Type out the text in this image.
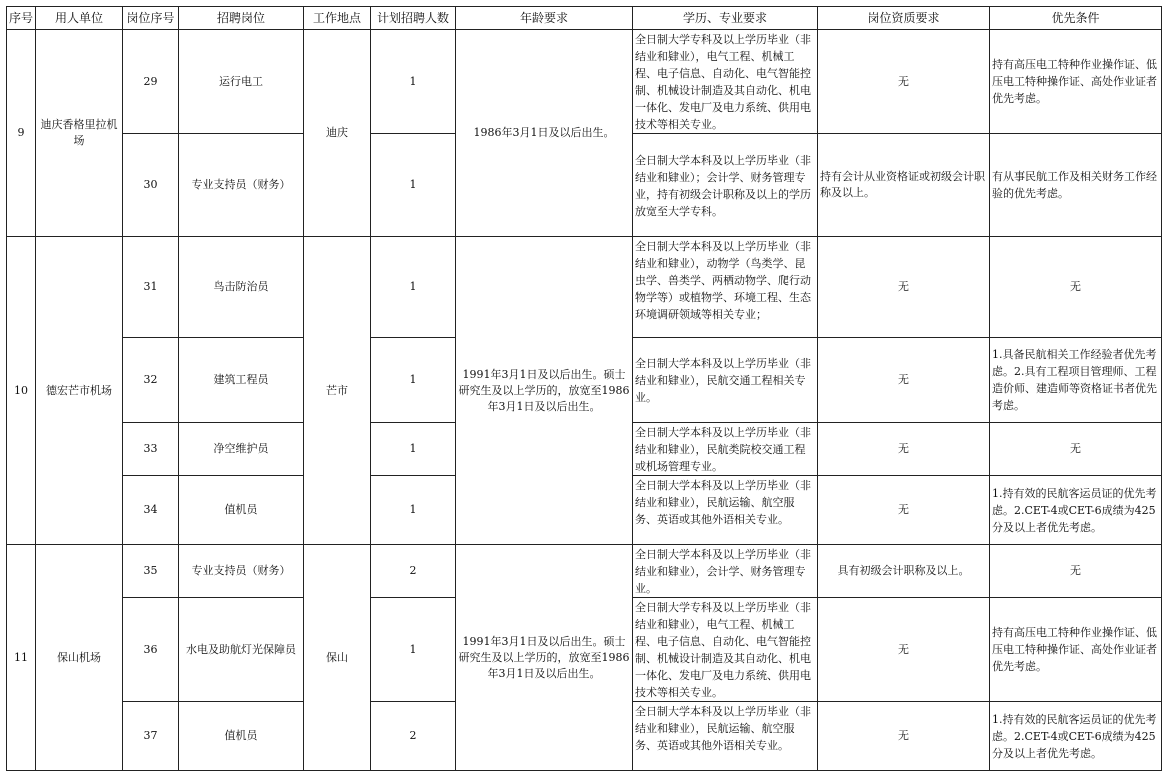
序号	用人单位	岗位序号	招聘岗位	工作地点	计划招聘人数	年龄要求	学历、专业要求	岗位资质要求	优先条件
9	迪庆香格里拉机场	29	运行电工	迪庆	1	1986年3月1日及以后出生。	全日制大学专科及以上学历毕业（非结业和肄业），电气工程、机械工程、电子信息、自动化、电气智能控制、机械设计制造及其自动化、机电一体化、发电厂及电力系统、供用电技术等相关专业。	无	持有高压电工特种作业操作证、低压电工特种操作证、高处作业证者优先考虑。
		30	专业支持员（财务）		1		全日制大学本科及以上学历毕业（非结业和肄业）；会计学、财务管理专业，持有初级会计职称及以上的学历放宽至大学专科。	持有会计从业资格证或初级会计职称及以上。	有从事民航工作及相关财务工作经验的优先考虑。
10	德宏芒市机场	31	鸟击防治员	芒市	1	1991年3月1日及以后出生。硕士研究生及以上学历的，放宽至1986年3月1日及以后出生。	全日制大学本科及以上学历毕业（非结业和肄业），动物学（鸟类学、昆虫学、兽类学、两栖动物学、爬行动物学等）或植物学、环境工程、生态环境调研领域等相关专业；	无	无
		32	建筑工程员		1		全日制大学本科及以上学历毕业（非结业和肄业），民航交通工程相关专业。	无	1.具备民航相关工作经验者优先考虑。2.具有工程项目管理师、工程造价师、建造师等资格证书者优先考虑。
		33	净空维护员		1		全日制大学本科及以上学历毕业（非结业和肄业），民航类院校交通工程或机场管理专业。	无	无
		34	值机员		1		全日制大学本科及以上学历毕业（非结业和肄业），民航运输、航空服务、英语或其他外语相关专业。	无	1.持有效的民航客运员证的优先考虑。2.CET-4或CET-6成绩为425分及以上者优先考虑。
11	保山机场	35	专业支持员（财务）	保山	2	1991年3月1日及以后出生。硕士研究生及以上学历的，放宽至1986年3月1日及以后出生。	全日制大学本科及以上学历毕业（非结业和肄业），会计学、财务管理专业。	具有初级会计职称及以上。	无
		36	水电及助航灯光保障员		1		全日制大学专科及以上学历毕业（非结业和肄业），电气工程、机械工程、电子信息、自动化、电气智能控制、机械设计制造及其自动化、机电一体化、发电厂及电力系统、供用电技术等相关专业。	无	持有高压电工特种作业操作证、低压电工特种操作证、高处作业证者优先考虑。
		37	值机员		2		全日制大学本科及以上学历毕业（非结业和肄业），民航运输、航空服务、英语或其他外语相关专业。	无	1.持有效的民航客运员证的优先考虑。2.CET-4或CET-6成绩为425分及以上者优先考虑。
